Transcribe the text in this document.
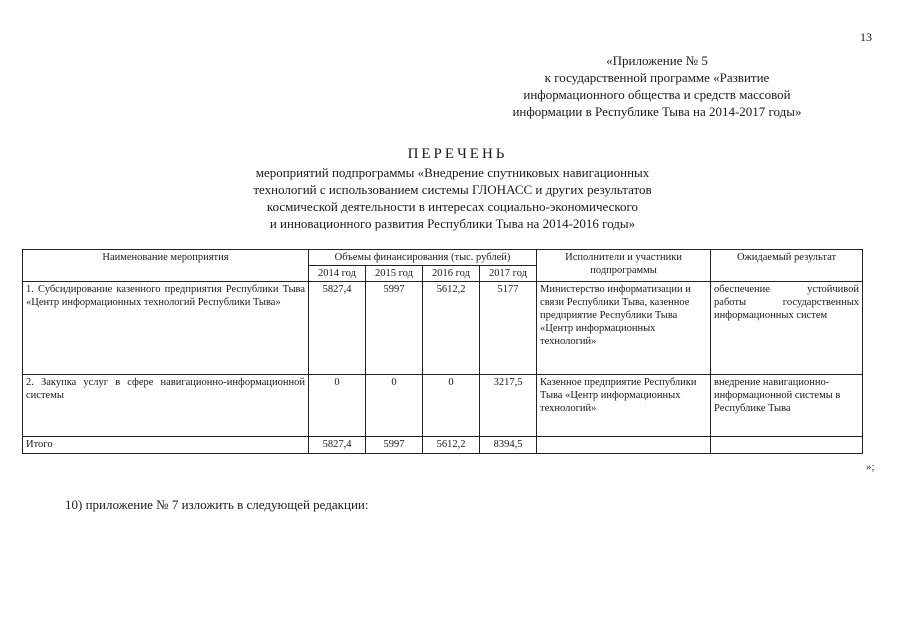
13
«Приложение № 5
к государственной программе «Развитие
информационного общества и средств массовой
информации в Республике Тыва на 2014-2017 годы»
ПЕРЕЧЕНЬ
мероприятий подпрограммы «Внедрение спутниковых навигационных
технологий с использованием системы ГЛОНАСС и других результатов
космической деятельности в интересах социально-экономического
и инновационного развития Республики Тыва на 2014-2016 годы»
Наименование мероприятия	Объемы финансирования (тыс. рублей)				Исполнители и участники подпрограммы	Ожидаемый результат
	2014 год	2015 год	2016 год	2017 год		
1. Субсидирование казенного предприятия Республики Тыва «Центр информационных технологий Республики Тыва»	5827,4	5997	5612,2	5177	Министерство информатизации и связи Республики Тыва, казенное предприятие Республики Тыва «Центр информационных технологий»	обеспечение устойчивой работы государственных информационных систем
2. Закупка услуг в сфере навигационно-информационной системы	0	0	0	3217,5	Казенное предприятие Республики Тыва «Центр информационных технологий»	внедрение навигационно-информационной системы в Республике Тыва
Итого	5827,4	5997	5612,2	8394,5		
»;
10) приложение № 7 изложить в следующей редакции:
